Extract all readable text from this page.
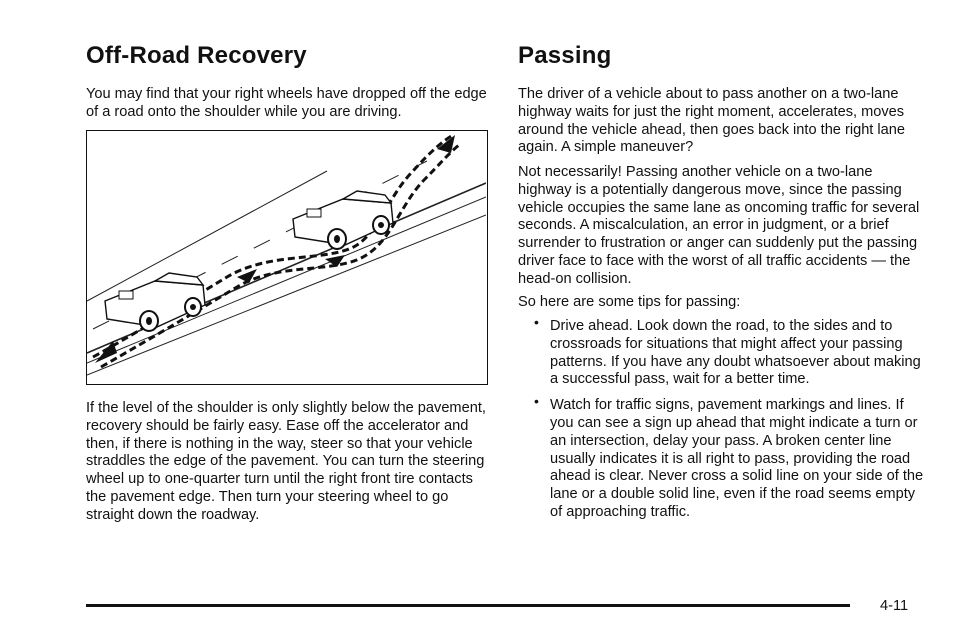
Off-Road Recovery

You may find that your right wheels have dropped off the edge of a road onto the shoulder while you are driving.

If the level of the shoulder is only slightly below the pavement, recovery should be fairly easy. Ease off the accelerator and then, if there is nothing in the way, steer so that your vehicle straddles the edge of the pavement. You can turn the steering wheel up to one-quarter turn until the right front tire contacts the pavement edge. Then turn your steering wheel to go straight down the roadway.

Passing

The driver of a vehicle about to pass another on a two-lane highway waits for just the right moment, accelerates, moves around the vehicle ahead, then goes back into the right lane again. A simple maneuver?

Not necessarily! Passing another vehicle on a two-lane highway is a potentially dangerous move, since the passing vehicle occupies the same lane as oncoming traffic for several seconds. A miscalculation, an error in judgment, or a brief surrender to frustration or anger can suddenly put the passing driver face to face with the worst of all traffic accidents — the head-on collision.

So here are some tips for passing:

• Drive ahead. Look down the road, to the sides and to crossroads for situations that might affect your passing patterns. If you have any doubt whatsoever about making a successful pass, wait for a better time.
• Watch for traffic signs, pavement markings and lines. If you can see a sign up ahead that might indicate a turn or an intersection, delay your pass. A broken center line usually indicates it is all right to pass, providing the road ahead is clear. Never cross a solid line on your side of the lane or a double solid line, even if the road seems empty of approaching traffic.
4-11
